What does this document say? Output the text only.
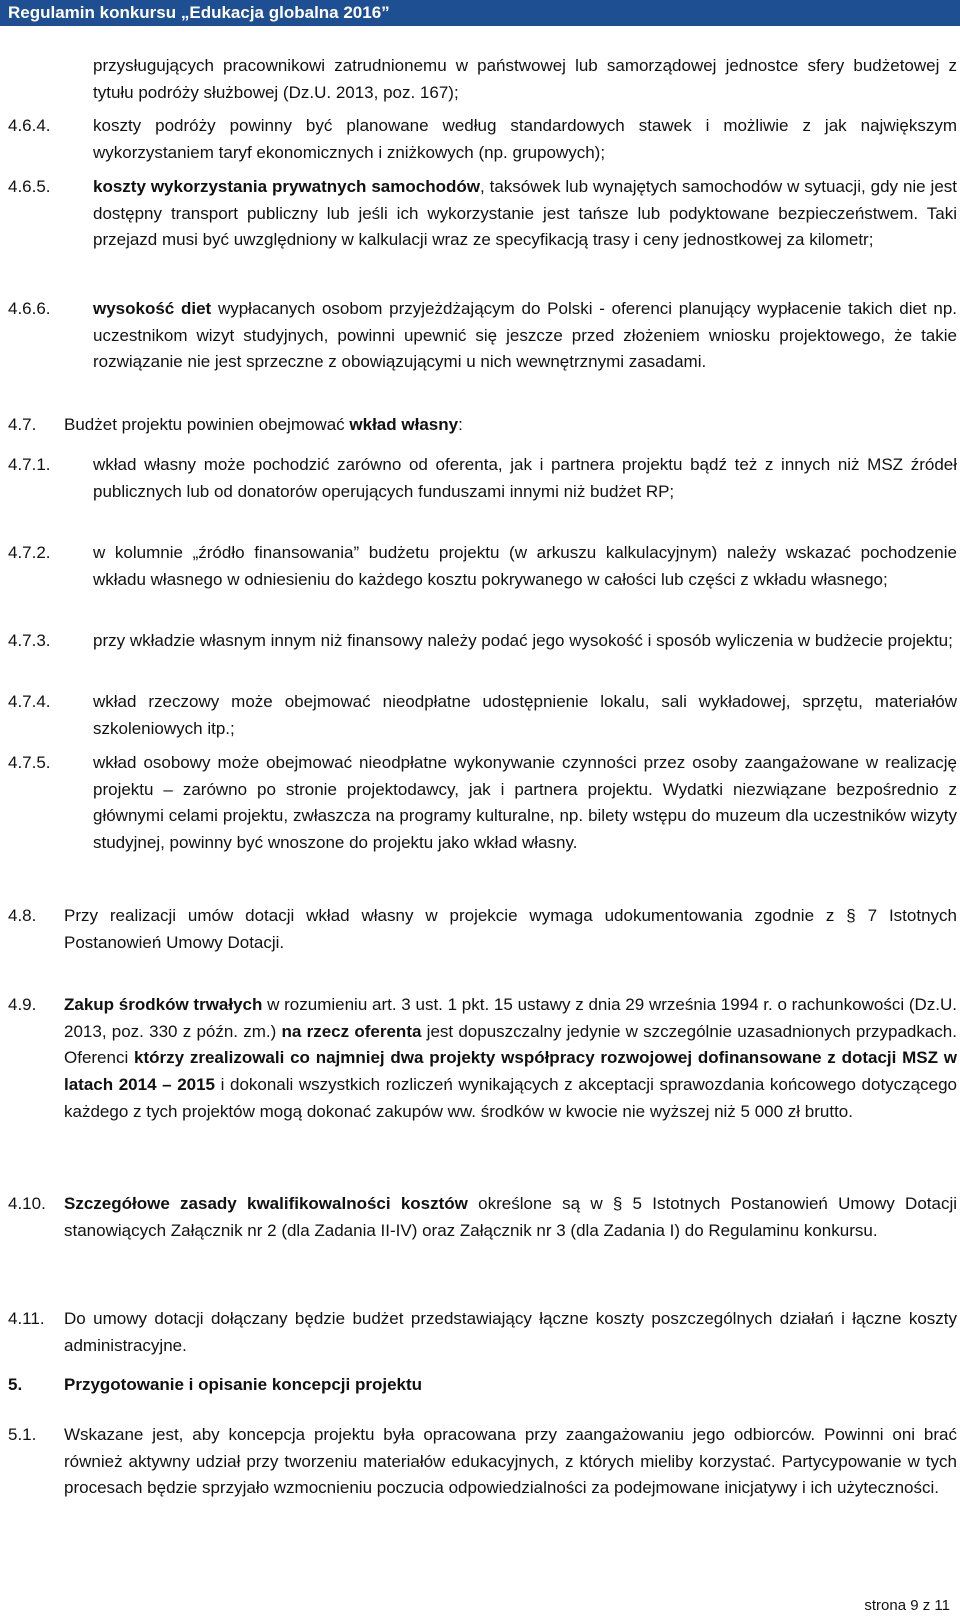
Regulamin konkursu „Edukacja globalna 2016”

przysługujących pracownikowi zatrudnionemu w państwowej lub samorządowej jednostce sfery budżetowej z tytułu podróży służbowej (Dz.U. 2013, poz. 167);

4.6.4. koszty podróży powinny być planowane według standardowych stawek i możliwie z jak największym wykorzystaniem taryf ekonomicznych i zniżkowych (np. grupowych);

4.6.5. koszty wykorzystania prywatnych samochodów, taksówek lub wynajętych samochodów w sytuacji, gdy nie jest dostępny transport publiczny lub jeśli ich wykorzystanie jest tańsze lub podyktowane bezpieczeństwem. Taki przejazd musi być uwzględniony w kalkulacji wraz ze specyfikacją trasy i ceny jednostkowej za kilometr;

4.6.6. wysokość diet wypłacanych osobom przyjeżdżającym do Polski - oferenci planujący wypłacenie takich diet np. uczestnikom wizyt studyjnych, powinni upewnić się jeszcze przed złożeniem wniosku projektowego, że takie rozwiązanie nie jest sprzeczne z obowiązującymi u nich wewnętrznymi zasadami.

4.7. Budżet projektu powinien obejmować wkład własny:

4.7.1. wkład własny może pochodzić zarówno od oferenta, jak i partnera projektu bądź też z innych niż MSZ źródeł publicznych lub od donatorów operujących funduszami innymi niż budżet RP;

4.7.2. w kolumnie „źródło finansowania” budżetu projektu (w arkuszu kalkulacyjnym) należy wskazać pochodzenie wkładu własnego w odniesieniu do każdego kosztu pokrywanego w całości lub części z wkładu własnego;

4.7.3. przy wkładzie własnym innym niż finansowy należy podać jego wysokość i sposób wyliczenia w budżecie projektu;

4.7.4. wkład rzeczowy może obejmować nieodpłatne udostępnienie lokalu, sali wykładowej, sprzętu, materiałów szkoleniowych itp.;

4.7.5. wkład osobowy może obejmować nieodpłatne wykonywanie czynności przez osoby zaangażowane w realizację projektu – zarówno po stronie projektodawcy, jak i partnera projektu. Wydatki niezwiązane bezpośrednio z głównymi celami projektu, zwłaszcza na programy kulturalne, np. bilety wstępu do muzeum dla uczestników wizyty studyjnej, powinny być wnoszone do projektu jako wkład własny.

4.8. Przy realizacji umów dotacji wkład własny w projekcie wymaga udokumentowania zgodnie z § 7 Istotnych Postanowień Umowy Dotacji.

4.9. Zakup środków trwałych w rozumieniu art. 3 ust. 1 pkt. 15 ustawy z dnia 29 września 1994 r. o rachunkowości (Dz.U. 2013, poz. 330 z późn. zm.) na rzecz oferenta jest dopuszczalny jedynie w szczególnie uzasadnionych przypadkach. Oferenci którzy zrealizowali co najmniej dwa projekty współpracy rozwojowej dofinansowane z dotacji MSZ w latach 2014 – 2015 i dokonali wszystkich rozliczeń wynikających z akceptacji sprawozdania końcowego dotyczącego każdego z tych projektów mogą dokonać zakupów ww. środków w kwocie nie wyższej niż 5 000 zł brutto.

4.10. Szczegółowe zasady kwalifikowalności kosztów określone są w § 5 Istotnych Postanowień Umowy Dotacji stanowiących Załącznik nr 2 (dla Zadania II-IV) oraz Załącznik nr 3 (dla Zadania I) do Regulaminu konkursu.

4.11. Do umowy dotacji dołączany będzie budżet przedstawiający łączne koszty poszczególnych działań i łączne koszty administracyjne.

5. Przygotowanie i opisanie koncepcji projektu

5.1. Wskazane jest, aby koncepcja projektu była opracowana przy zaangażowaniu jego odbiorców. Powinni oni brać również aktywny udział przy tworzeniu materiałów edukacyjnych, z których mieliby korzystać. Partycypowanie w tych procesach będzie sprzyjało wzmocnieniu poczucia odpowiedzialności za podejmowane inicjatywy i ich użyteczności.

strona 9 z 11
